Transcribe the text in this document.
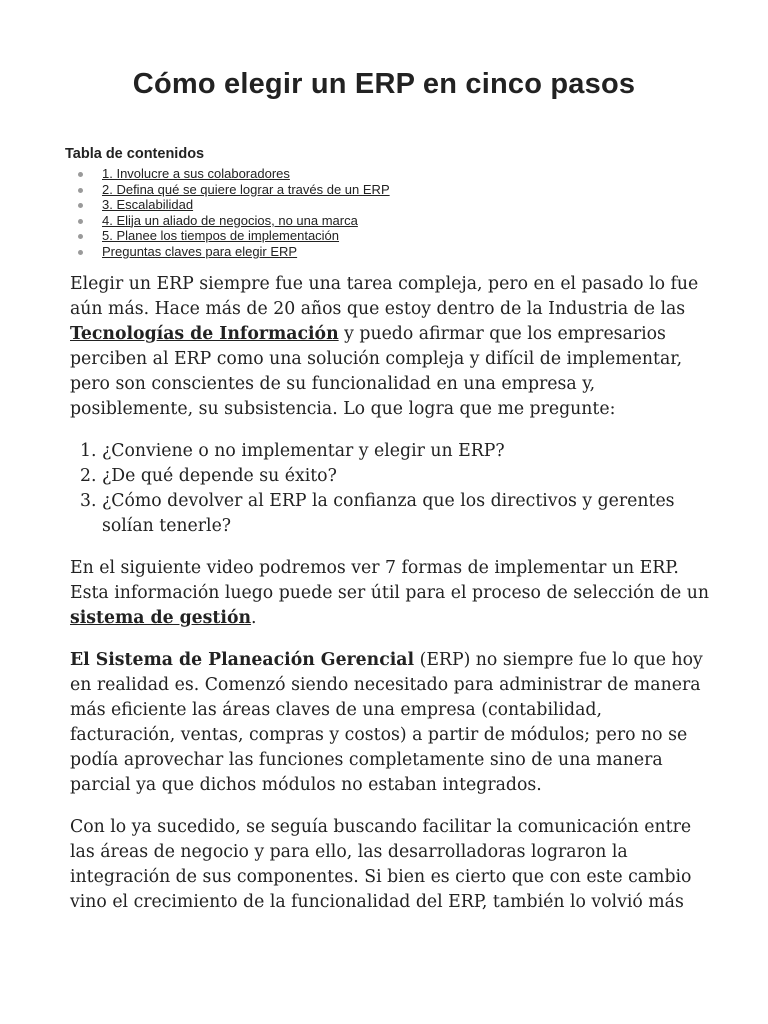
Cómo elegir un ERP en cinco pasos
Tabla de contenidos
1. Involucre a sus colaboradores
2. Defina qué se quiere lograr a través de un ERP
3. Escalabilidad
4. Elija un aliado de negocios, no una marca
5. Planee los tiempos de implementación
Preguntas claves para elegir ERP

Elegir un ERP siempre fue una tarea compleja, pero en el pasado lo fue aún más. Hace más de 20 años que estoy dentro de la Industria de las Tecnologías de Información y puedo afirmar que los empresarios perciben al ERP como una solución compleja y difícil de implementar, pero son conscientes de su funcionalidad en una empresa y, posiblemente, su subsistencia. Lo que logra que me pregunte:

1. ¿Conviene o no implementar y elegir un ERP?
2. ¿De qué depende su éxito?
3. ¿Cómo devolver al ERP la confianza que los directivos y gerentes solían tenerle?

En el siguiente video podremos ver 7 formas de implementar un ERP. Esta información luego puede ser útil para el proceso de selección de un sistema de gestión.

El Sistema de Planeación Gerencial (ERP) no siempre fue lo que hoy en realidad es. Comenzó siendo necesitado para administrar de manera más eficiente las áreas claves de una empresa (contabilidad, facturación, ventas, compras y costos) a partir de módulos; pero no se podía aprovechar las funciones completamente sino de una manera parcial ya que dichos módulos no estaban integrados.

Con lo ya sucedido, se seguía buscando facilitar la comunicación entre las áreas de negocio y para ello, las desarrolladoras lograron la integración de sus componentes. Si bien es cierto que con este cambio vino el crecimiento de la funcionalidad del ERP, también lo volvió más
